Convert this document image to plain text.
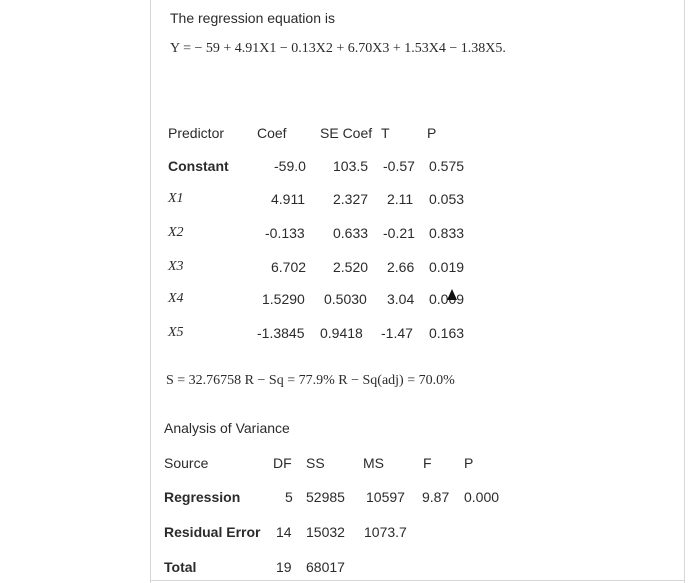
The regression equation is
Y = − 59 + 4.91X1 − 0.13X2 + 6.70X3 + 1.53X4 − 1.38X5.
Predictor Coef SE Coef T	P
Constant	-59.0 103.5 -0.57 0.575
X1	4.911 2.327 2.11 0.053
X2	-0.133 0.633 -0.21 0.833
X3	6.702 2.520 2.66 0.019
X4	1.5290 0.5030 3.04 0.009
X5	-1.3845 0.9418 -1.47 0.163
S = 32.76758 R − Sq = 77.9% R − Sq(adj) = 70.0%
Analysis of Variance
Source	DF SS	MS	F P
Regression	5 52985 10597 9.87 0.000
Residual Error 14 15032 1073.7
Total	19 68017
